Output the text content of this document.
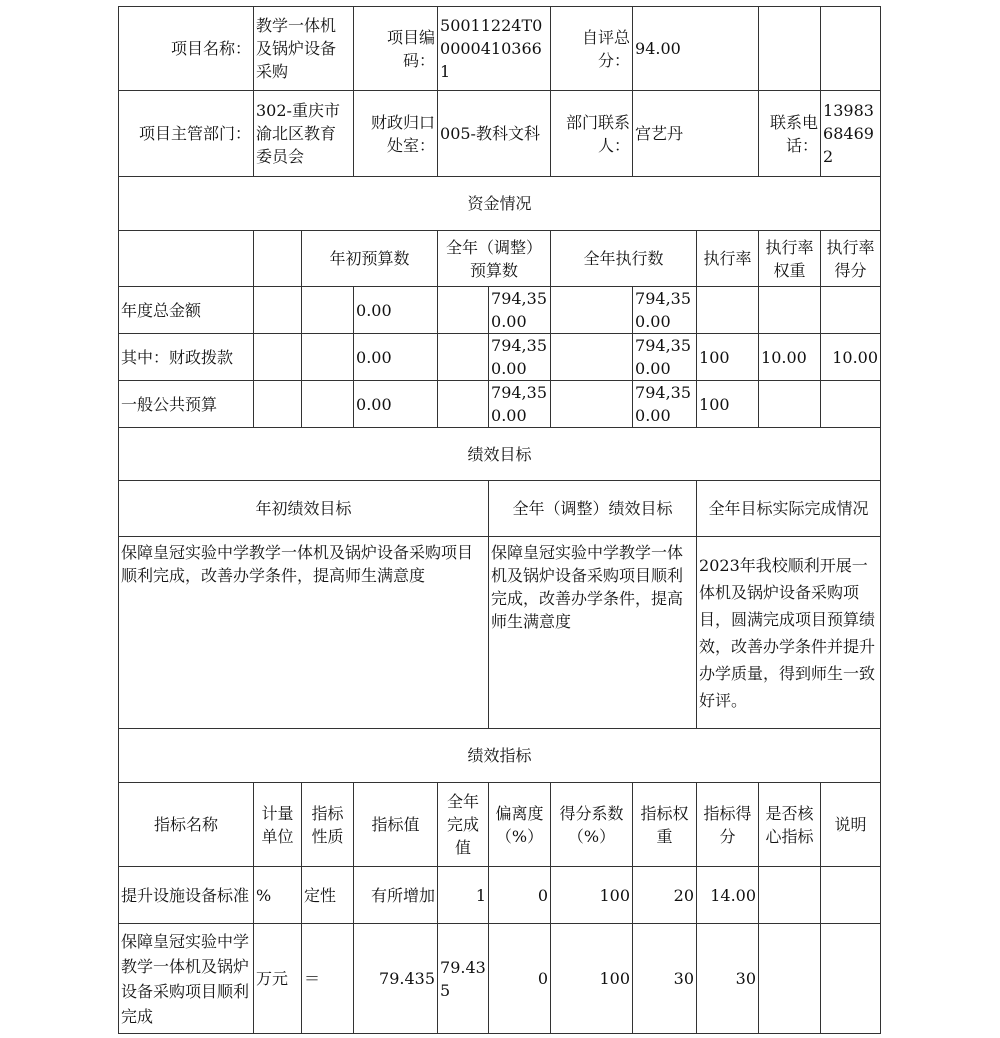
项目名称：	教学一体机及锅炉设备采购		项目编码：	50011224T000004103661		自评总分：	94.00			
项目主管部门：	302-重庆市渝北区教育委员会		财政归口处室：	005-教科文科		部门联系人：	宫艺丹		联系电话：	13983684692
资金情况										
		年初预算数		全年（调整）预算数		全年执行数		执行率	执行率权重	执行率得分
年度总金额			0.00		794,350.00		794,350.00			
其中：财政拨款			0.00		794,350.00		794,350.00	100	10.00	10.00
一般公共预算			0.00		794,350.00		794,350.00	100		
绩效目标										
年初绩效目标					全年（调整）绩效目标			全年目标实际完成情况		
保障皇冠实验中学教学一体机及锅炉设备采购项目顺利完成，改善办学条件，提高师生满意度					保障皇冠实验中学教学一体机及锅炉设备采购项目顺利完成，改善办学条件，提高师生满意度			2023年我校顺利开展一体机及锅炉设备采购项目，圆满完成项目预算绩效，改善办学条件并提升办学质量，得到师生一致好评。		
绩效指标										
指标名称	计量单位	指标性质	指标值	全年完成值	偏离度（%）	得分系数（%）	指标权重	指标得分	是否核心指标	说明
提升设施设备标准	%	定性	有所增加	1	0	100	20	14.00		
保障皇冠实验中学教学一体机及锅炉设备采购项目顺利完成	万元	＝	79.435	79.435	0	100	30	30		
